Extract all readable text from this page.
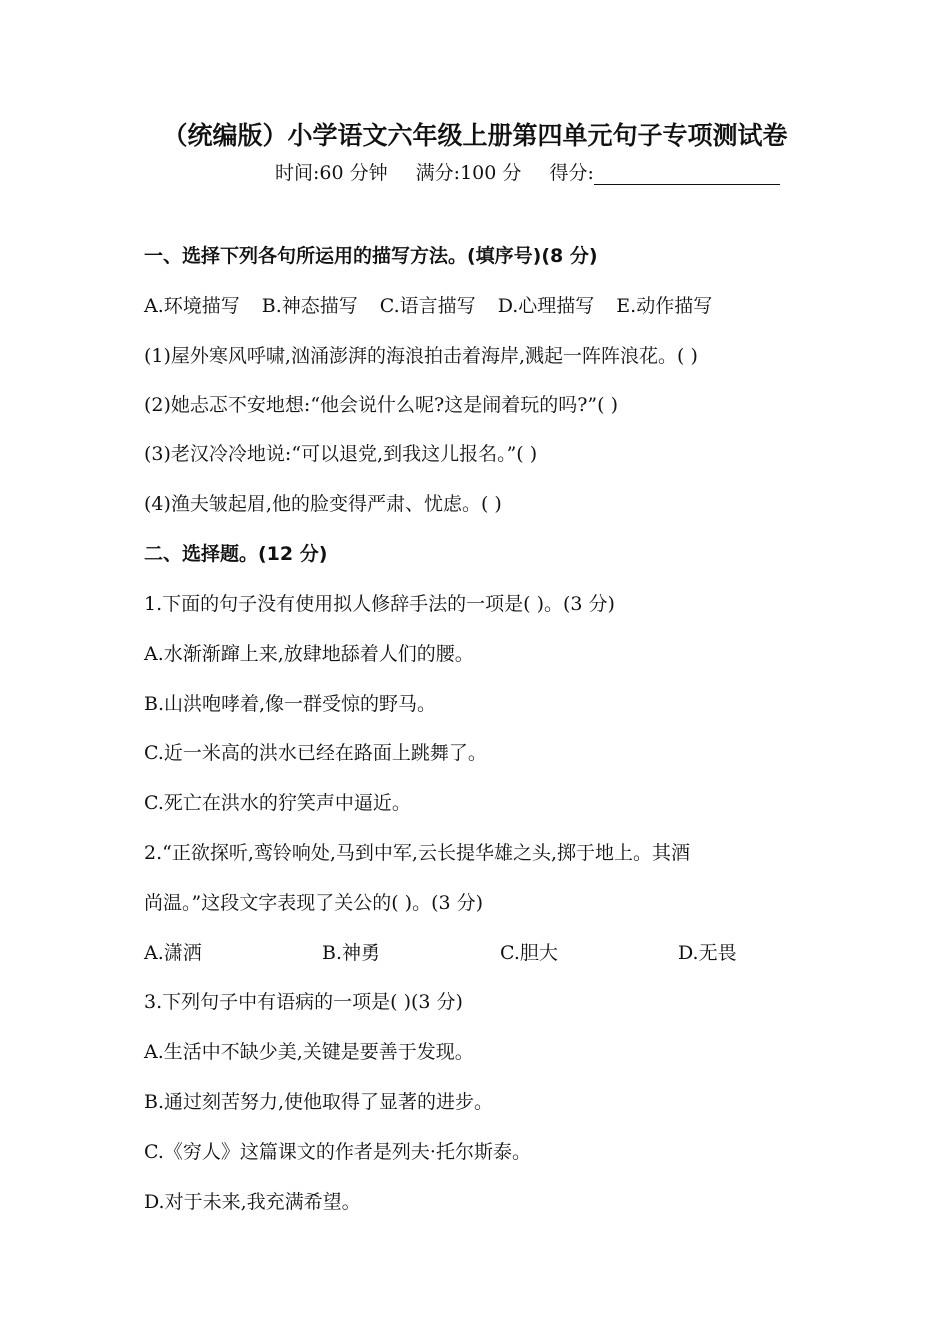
（统编版）小学语文六年级上册第四单元句子专项测试卷
时间:60 分钟 满分:100 分 得分:
一、选择下列各句所运用的描写方法。(填序号)(8 分)
A.环境描写 B.神态描写 C.语言描写 D.心理描写 E.动作描写
(1)屋外寒风呼啸,汹涌澎湃的海浪拍击着海岸,溅起一阵阵浪花。( )
(2)她忐忑不安地想:“他会说什么呢?这是闹着玩的吗?”( )
(3)老汉冷冷地说:“可以退党,到我这儿报名。”( )
(4)渔夫皱起眉,他的脸变得严肃、忧虑。( )
二、选择题。(12 分)
1.下面的句子没有使用拟人修辞手法的一项是( )。(3 分)
A.水渐渐蹿上来,放肆地舔着人们的腰。
B.山洪咆哮着,像一群受惊的野马。
C.近一米高的洪水已经在路面上跳舞了。
C.死亡在洪水的狞笑声中逼近。
2.“正欲探听,鸾铃响处,马到中军,云长提华雄之头,掷于地上。其酒
尚温。”这段文字表现了关公的( )。(3 分)
A.潇洒	B.神勇	C.胆大	D.无畏
3.下列句子中有语病的一项是( )(3 分)
A.生活中不缺少美,关键是要善于发现。
B.通过刻苦努力,使他取得了显著的进步。
C.《穷人》这篇课文的作者是列夫·托尔斯泰。
D.对于未来,我充满希望。
